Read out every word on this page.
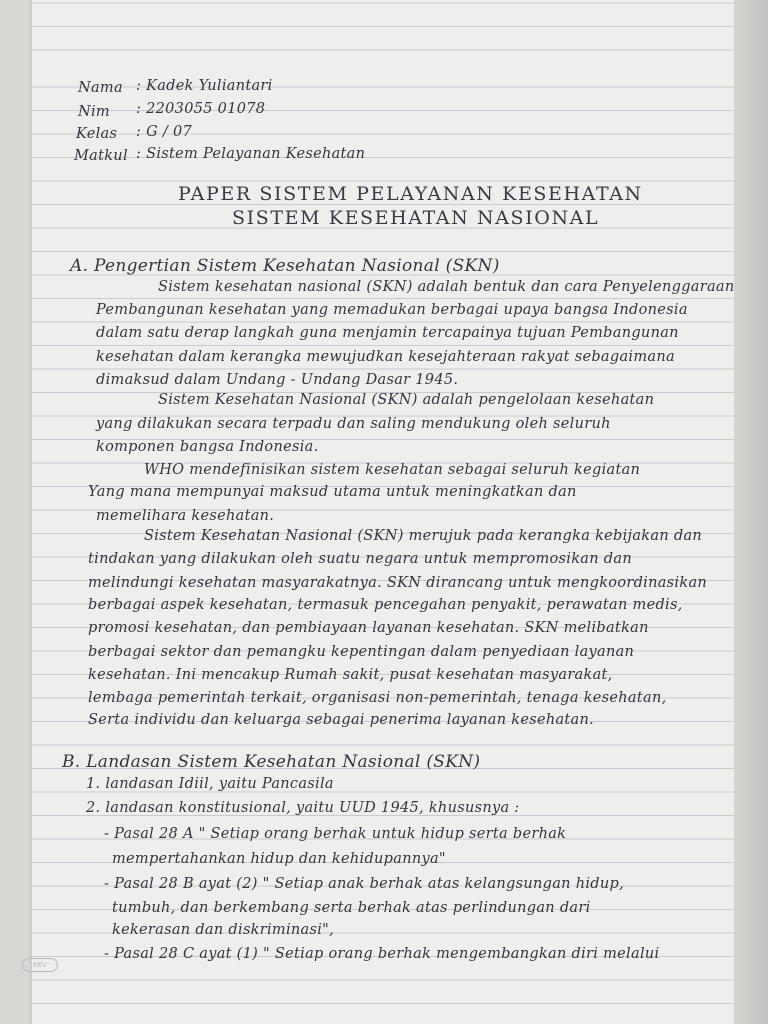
Nama : Kadek Yuliantari
Nim : 2203055 01078
Kelas : G / 07
Matkul : Sistem Pelayanan Kesehatan
PAPER SISTEM PELAYANAN KESEHATAN
SISTEM KESEHATAN NASIONAL
A. Pengertian Sistem Kesehatan Nasional (SKN)
Sistem kesehatan nasional (SKN) adalah bentuk dan cara Penyelenggaraan
Pembangunan kesehatan yang memadukan berbagai upaya bangsa Indonesia
dalam satu derap langkah guna menjamin tercapainya tujuan Pembangunan
kesehatan dalam kerangka mewujudkan kesejahteraan rakyat sebagaimana
dimaksud dalam Undang - Undang Dasar 1945.
Sistem Kesehatan Nasional (SKN) adalah pengelolaan kesehatan
yang dilakukan secara terpadu dan saling mendukung oleh seluruh
komponen bangsa Indonesia.
WHO mendefinisikan sistem kesehatan sebagai seluruh kegiatan
Yang mana mempunyai maksud utama untuk meningkatkan dan
memelihara kesehatan.
Sistem Kesehatan Nasional (SKN) merujuk pada kerangka kebijakan dan
tindakan yang dilakukan oleh suatu negara untuk mempromosikan dan
melindungi kesehatan masyarakatnya. SKN dirancang untuk mengkoordinasikan
berbagai aspek kesehatan, termasuk pencegahan penyakit, perawatan medis,
promosi kesehatan, dan pembiayaan layanan kesehatan. SKN melibatkan
berbagai sektor dan pemangku kepentingan dalam penyediaan layanan
kesehatan. Ini mencakup Rumah sakit, pusat kesehatan masyarakat,
lembaga pemerintah terkait, organisasi non-pemerintah, tenaga kesehatan,
Serta individu dan keluarga sebagai penerima layanan kesehatan.
B. Landasan Sistem Kesehatan Nasional (SKN)
1. landasan Idiil, yaitu Pancasila
2. landasan konstitusional, yaitu UUD 1945, khususnya :
- Pasal 28 A " Setiap orang berhak untuk hidup serta berhak
mempertahankan hidup dan kehidupannya"
- Pasal 28 B ayat (2) " Setiap anak berhak atas kelangsungan hidup,
tumbuh, dan berkembang serta berhak atas perlindungan dari
kekerasan dan diskriminasi",
- Pasal 28 C ayat (1) " Setiap orang berhak mengembangkan diri melalui
KKV
